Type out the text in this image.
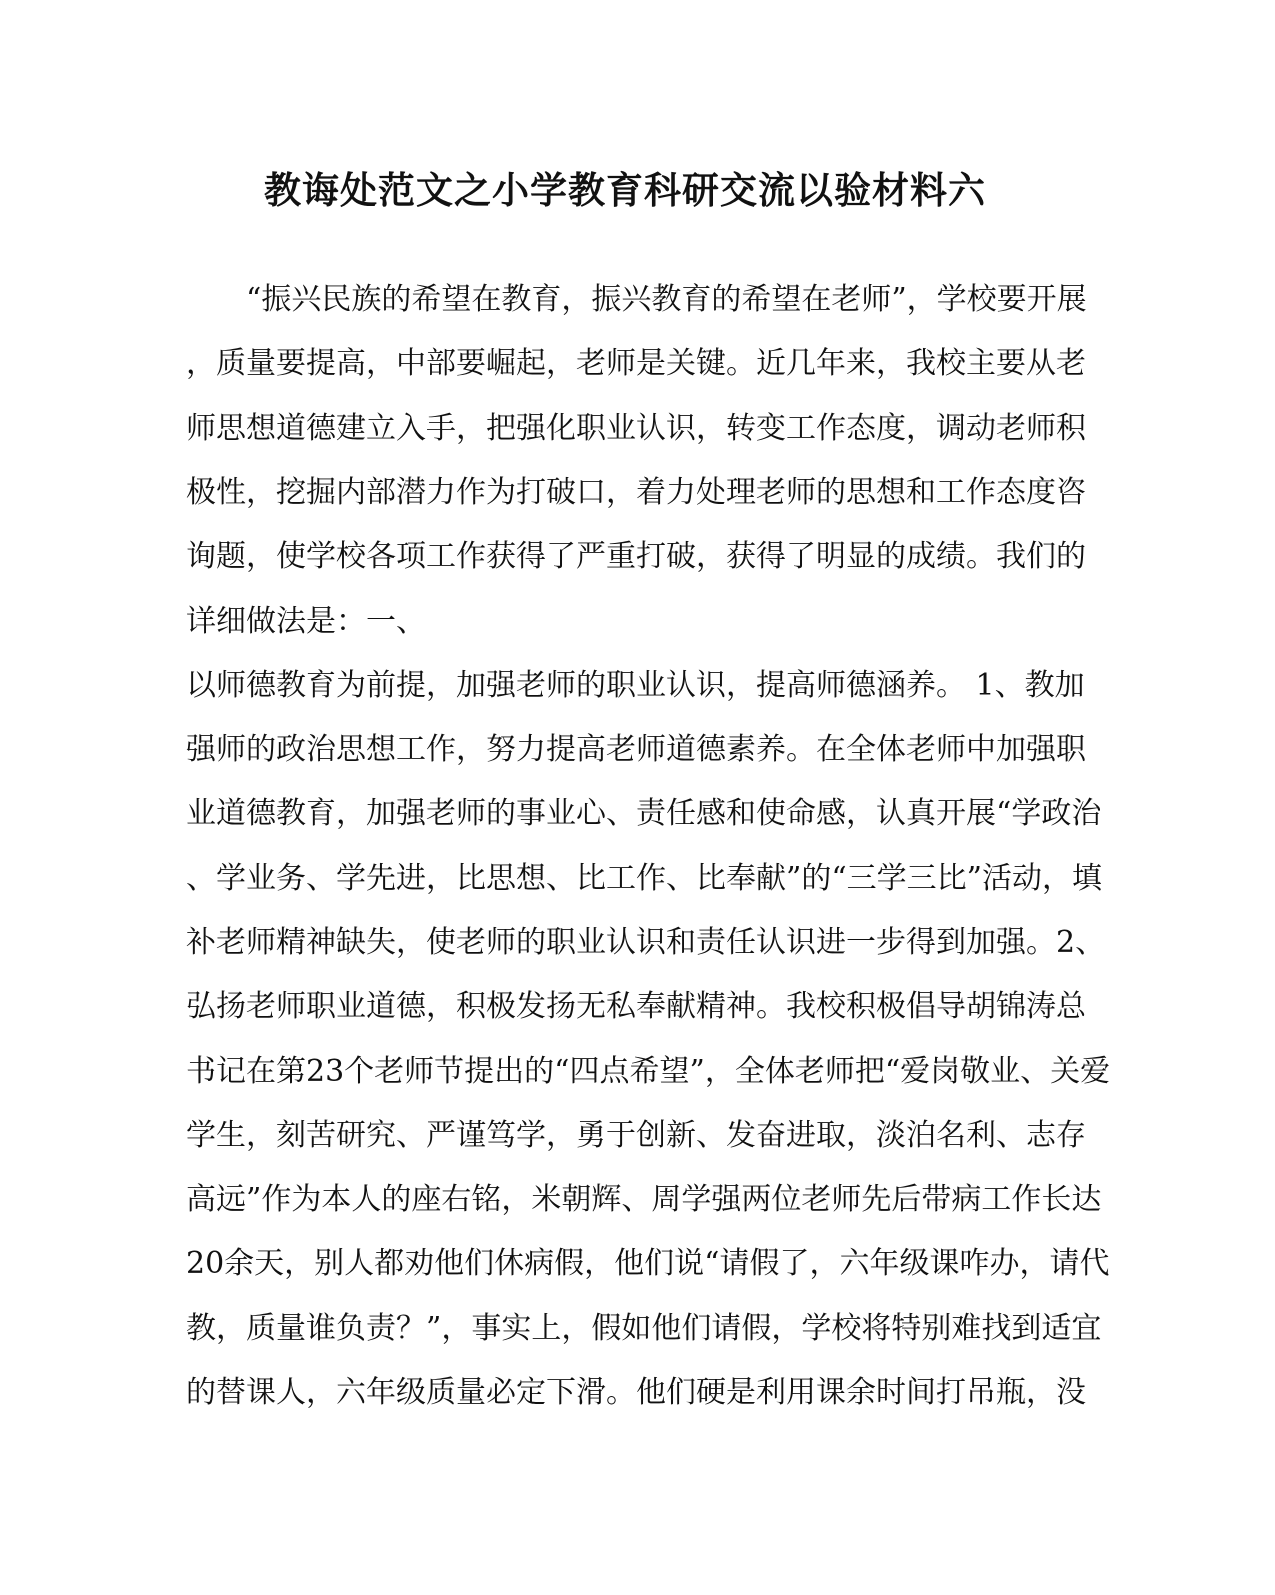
教诲处范文之小学教育科研交流以验材料六
　　“振兴民族的希望在教育，振兴教育的希望在老师”，学校要开展
，质量要提高，中部要崛起，老师是关键。近几年来，我校主要从老
师思想道德建立入手，把强化职业认识，转变工作态度，调动老师积
极性，挖掘内部潜力作为打破口，着力处理老师的思想和工作态度咨
询题，使学校各项工作获得了严重打破，获得了明显的成绩。我们的
详细做法是：一、
以师德教育为前提，加强老师的职业认识，提高师德涵养。 1、教加
强师的政治思想工作，努力提高老师道德素养。在全体老师中加强职
业道德教育，加强老师的事业心、责任感和使命感，认真开展“学政治
、学业务、学先进，比思想、比工作、比奉献”的“三学三比”活动，填
补老师精神缺失，使老师的职业认识和责任认识进一步得到加强。2、
弘扬老师职业道德，积极发扬无私奉献精神。我校积极倡导胡锦涛总
书记在第23个老师节提出的“四点希望”，全体老师把“爱岗敬业、关爱
学生，刻苦研究、严谨笃学，勇于创新、发奋进取，淡泊名利、志存
高远”作为本人的座右铭，米朝辉、周学强两位老师先后带病工作长达
20余天，别人都劝他们休病假，他们说“请假了，六年级课咋办，请代
教，质量谁负责？”，事实上，假如他们请假，学校将特别难找到适宜
的替课人，六年级质量必定下滑。他们硬是利用课余时间打吊瓶，没
